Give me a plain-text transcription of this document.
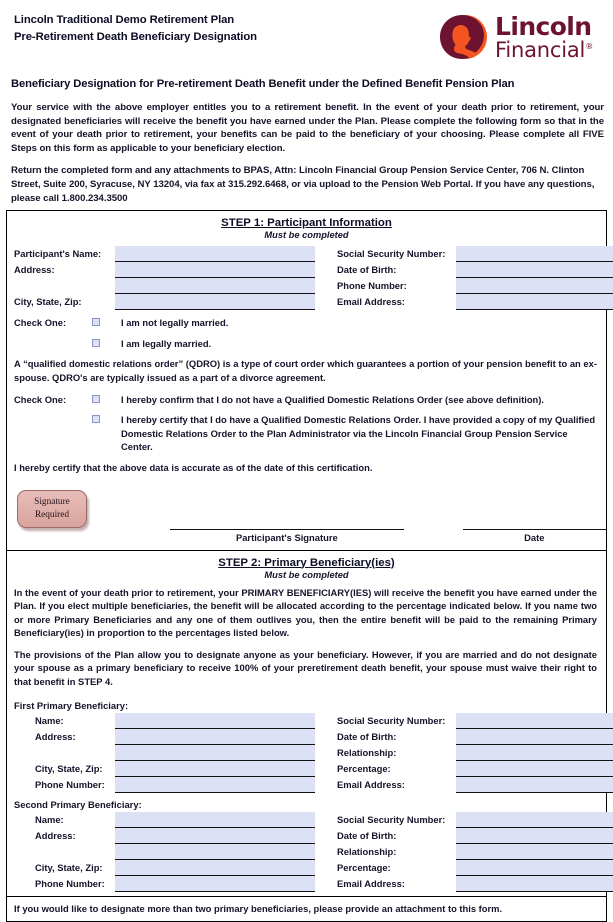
Lincoln Traditional Demo Retirement Plan
Pre-Retirement Death Beneficiary Designation	Lincoln
Financial®
Beneficiary Designation for Pre-retirement Death Benefit under the Defined Benefit Pension Plan

Your service with the above employer entitles you to a retirement benefit. In the event of your death prior to retirement, your designated beneficiaries will receive the benefit you have earned under the Plan. Please complete the following form so that in the event of your death prior to retirement, your benefits can be paid to the beneficiary of your choosing. Please complete all FIVE Steps on this form as applicable to your beneficiary election.

Return the completed form and any attachments to BPAS, Attn: Lincoln Financial Group Pension Service Center, 706 N. Clinton Street, Suite 200, Syracuse, NY 13204, via fax at 315.292.6468, or via upload to the Pension Web Portal. If you have any questions, please call 1.800.234.3500

STEP 1: Participant Information
Must be completed
Participant's Name:	Social Security Number:
Address:	Date of Birth:
Phone Number:
City, State, Zip:	Email Address:
Check One:	I am not legally married.
I am legally married.
A “qualified domestic relations order” (QDRO) is a type of court order which guarantees a portion of your pension benefit to an ex-spouse. QDRO's are typically issued as a part of a divorce agreement.
Check One:	I hereby confirm that I do not have a Qualified Domestic Relations Order (see above definition).
I hereby certify that I do have a Qualified Domestic Relations Order. I have provided a copy of my Qualified Domestic Relations Order to the Plan Administrator via the Lincoln Financial Group Pension Service Center.
I hereby certify that the above data is accurate as of the date of this certification.
Signature
Required
Participant's Signature	Date
STEP 2: Primary Beneficiary(ies)
Must be completed
In the event of your death prior to retirement, your PRIMARY BENEFICIARY(IES) will receive the benefit you have earned under the Plan. If you elect multiple beneficiaries, the benefit will be allocated according to the percentage indicated below. If you name two or more Primary Beneficiaries and any one of them outlives you, then the entire benefit will be paid to the remaining Primary Beneficiary(ies) in proportion to the percentages listed below.
The provisions of the Plan allow you to designate anyone as your beneficiary. However, if you are married and do not designate your spouse as a primary beneficiary to receive 100% of your preretirement death benefit, your spouse must waive their right to that benefit in STEP 4.
First Primary Beneficiary:
Name:	Social Security Number:
Address:	Date of Birth:
Relationship:
City, State, Zip:	Percentage:
Phone Number:	Email Address:
Second Primary Beneficiary:
Name:	Social Security Number:
Address:	Date of Birth:
Relationship:
City, State, Zip:	Percentage:
Phone Number:	Email Address:
If you would like to designate more than two primary beneficiaries, please provide an attachment to this form.
